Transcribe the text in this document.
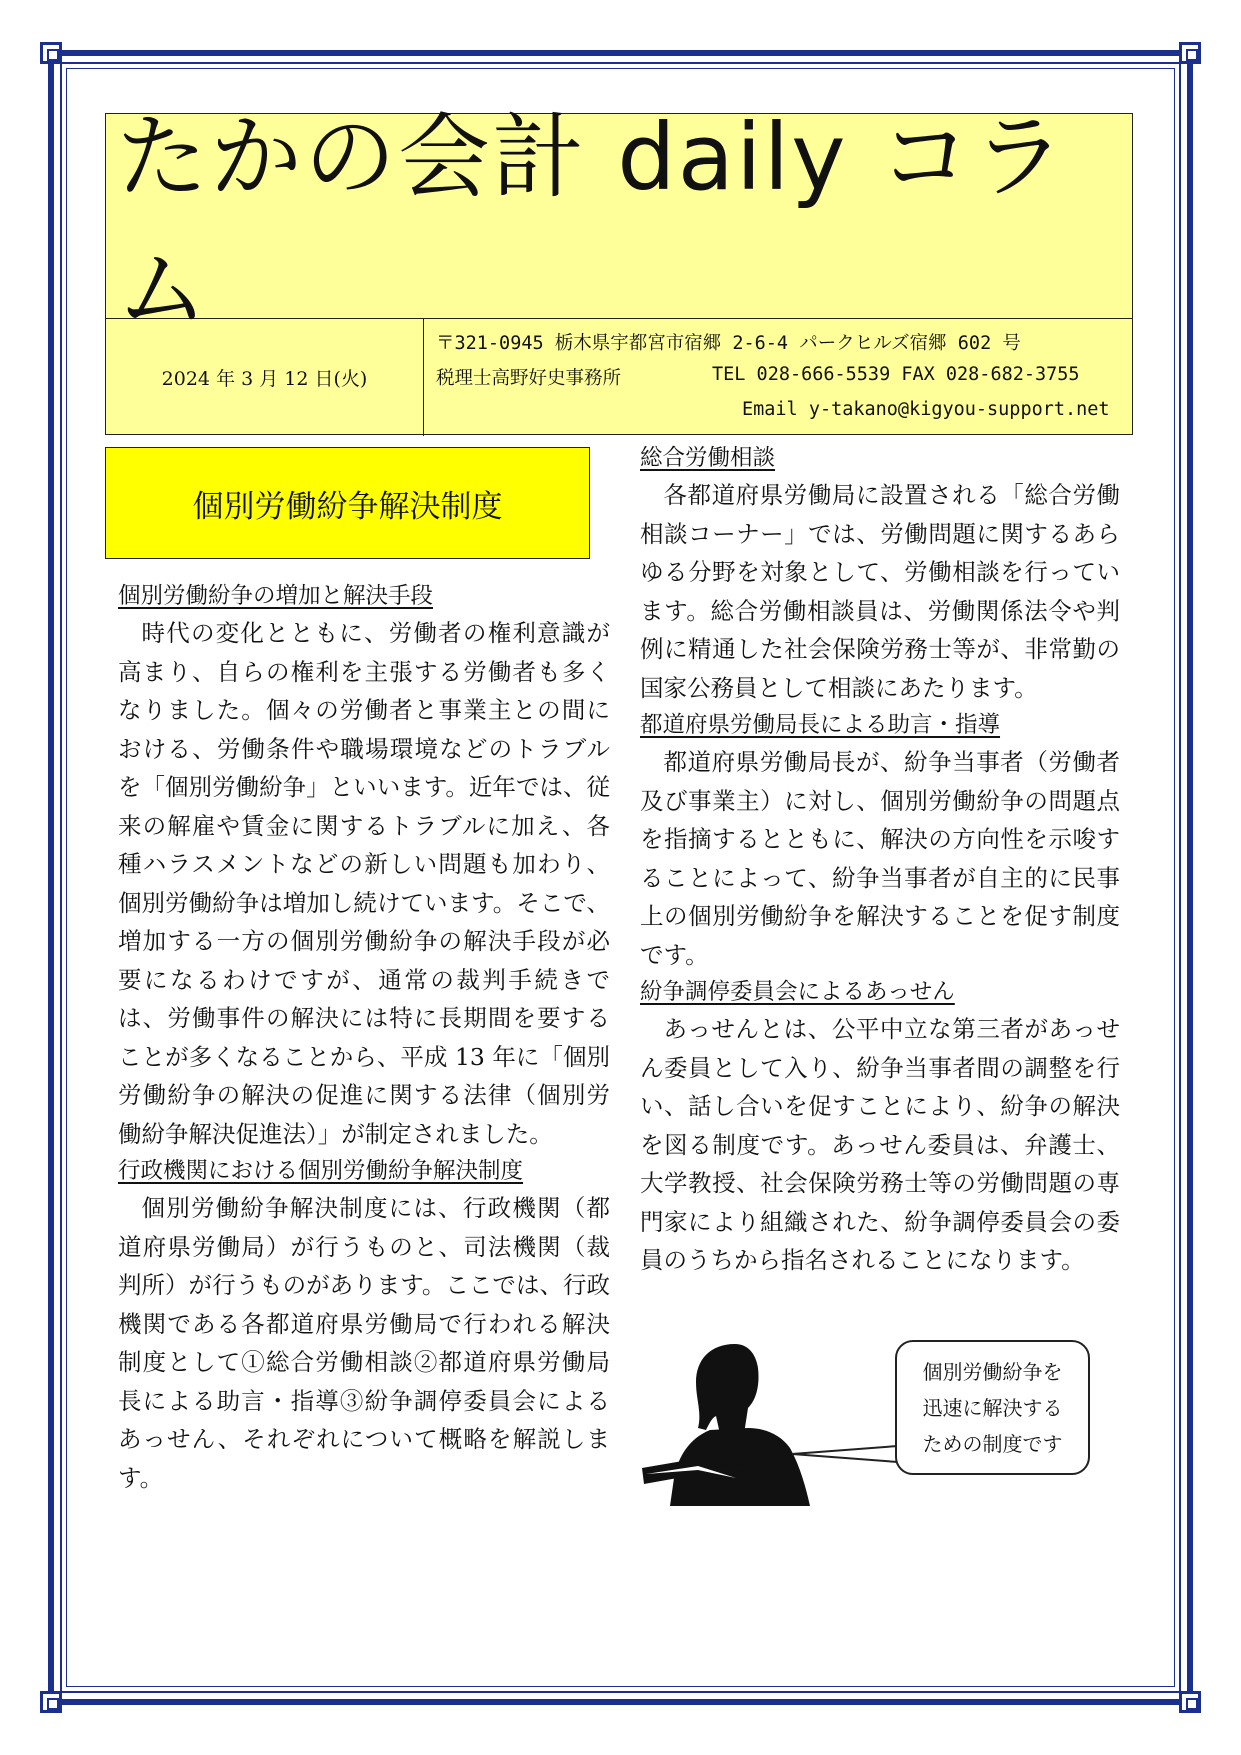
たかの会計 daily コラム
2024 年 3 月 12 日(火)
〒321-0945 栃木県宇都宮市宿郷 2-6-4 パークヒルズ宿郷 602 号
税理士高野好史事務所	TEL 028-666-5539 FAX 028-682-3755
Email y-takano@kigyou-support.net
個別労働紛争解決制度
個別労働紛争の増加と解決手段

時代の変化とともに、労働者の権利意識が高まり、自らの権利を主張する労働者も多くなりました。個々の労働者と事業主との間における、労働条件や職場環境などのトラブルを「個別労働紛争」といいます。近年では、従来の解雇や賃金に関するトラブルに加え、各種ハラスメントなどの新しい問題も加わり、個別労働紛争は増加し続けています。そこで、増加する一方の個別労働紛争の解決手段が必要になるわけですが、通常の裁判手続きでは、労働事件の解決には特に長期間を要することが多くなることから、平成 13 年に「個別労働紛争の解決の促進に関する法律（個別労働紛争解決促進法）」が制定されました。

行政機関における個別労働紛争解決制度

個別労働紛争解決制度には、行政機関（都道府県労働局）が行うものと、司法機関（裁判所）が行うものがあります。ここでは、行政機関である各都道府県労働局で行われる解決制度として①総合労働相談②都道府県労働局長による助言・指導③紛争調停委員会によるあっせん、それぞれについて概略を解説します。

総合労働相談

各都道府県労働局に設置される「総合労働相談コーナー」では、労働問題に関するあらゆる分野を対象として、労働相談を行っています。総合労働相談員は、労働関係法令や判例に精通した社会保険労務士等が、非常勤の国家公務員として相談にあたります。

都道府県労働局長による助言・指導

都道府県労働局長が、紛争当事者（労働者及び事業主）に対し、個別労働紛争の問題点を指摘するとともに、解決の方向性を示唆することによって、紛争当事者が自主的に民事上の個別労働紛争を解決することを促す制度です。

紛争調停委員会によるあっせん

あっせんとは、公平中立な第三者があっせん委員として入り、紛争当事者間の調整を行い、話し合いを促すことにより、紛争の解決を図る制度です。あっせん委員は、弁護士、大学教授、社会保険労務士等の労働問題の専門家により組織された、紛争調停委員会の委員のうちから指名されることになります。

個別労働紛争を
迅速に解決する
ための制度です
